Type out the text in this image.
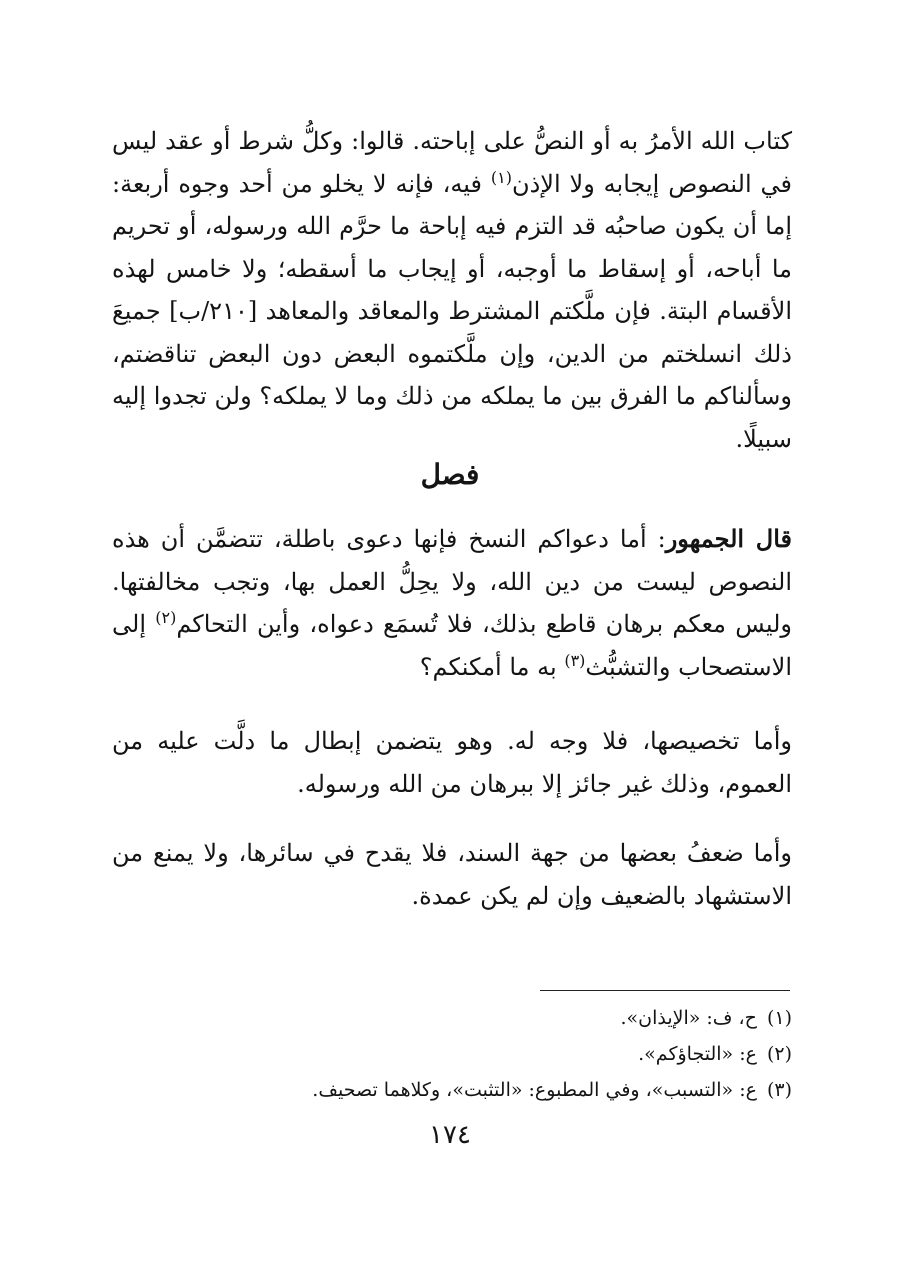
كتاب الله الأمرُ به أو النصُّ على إباحته. قالوا: وكلُّ شرط أو عقد ليس في النصوص إيجابه ولا الإذن$^{(١)}$ فيه، فإنه لا يخلو من أحد وجوه أربعة: إما أن يكون صاحبُه قد التزم فيه إباحة ما حرَّم الله ورسوله، أو تحريم ما أباحه، أو إسقاط ما أوجبه، أو إيجاب ما أسقطه؛ ولا خامس لهذه الأقسام البتة. فإن ملَّكتم المشترط والمعاقد والمعاهد [٢١٠/ب] جميعَ ذلك انسلختم من الدين، وإن ملَّكتموه البعض دون البعض تناقضتم، وسألناكم ما الفرق بين ما يملكه من ذلك وما لا يملكه؟ ولن تجدوا إليه سبيلًا.

فصل

قال الجمهور: أما دعواكم النسخ فإنها دعوى باطلة، تتضمَّن أن هذه النصوص ليست من دين الله، ولا يحِلُّ العمل بها، وتجب مخالفتها. وليس معكم برهان قاطع بذلك، فلا تُسمَع دعواه، وأين التحاكم$^{(٢)}$ إلى الاستصحاب والتشبُّث$^{(٣)}$ به ما أمكنكم؟

وأما تخصيصها، فلا وجه له. وهو يتضمن إبطال ما دلَّت عليه من العموم، وذلك غير جائز إلا ببرهان من الله ورسوله.

وأما ضعفُ بعضها من جهة السند، فلا يقدح في سائرها، ولا يمنع من الاستشهاد بالضعيف وإن لم يكن عمدة.

(١)ح، ف: «الإيذان».
(٢)ع: «التجاؤكم».
(٣)ع: «التسبب»، وفي المطبوع: «التثبت»، وكلاهما تصحيف.
١٧٤
